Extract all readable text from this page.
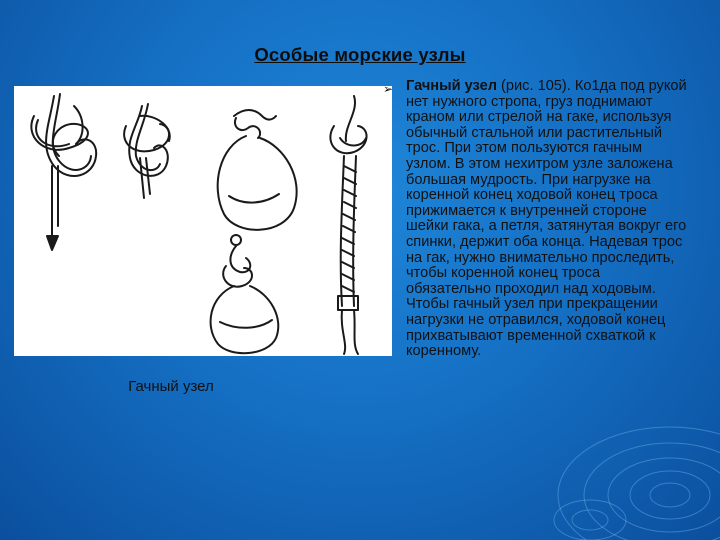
Особые морские узлы
Гачный узел
➢ Гачный узел (рис. 105). Ко1да под рукой нет нужного стропа, груз поднимают краном или стрелой на гаке, используя обычный стальной или растительный трос. При этом пользуются гачным узлом. В этом нехитром узле заложена большая мудрость. При нагрузке на коренной конец ходовой конец троса прижимается к внутренней стороне шейки гака, а петля, затянутая вокруг его спинки, держит оба конца. Надевая трос на гак, нужно внимательно проследить, чтобы коренной конец троса обязательно проходил над ходовым. Чтобы гачный узел при прекращении нагрузки не отравился, ходовой конец прихватывают временной схваткой к коренному.
